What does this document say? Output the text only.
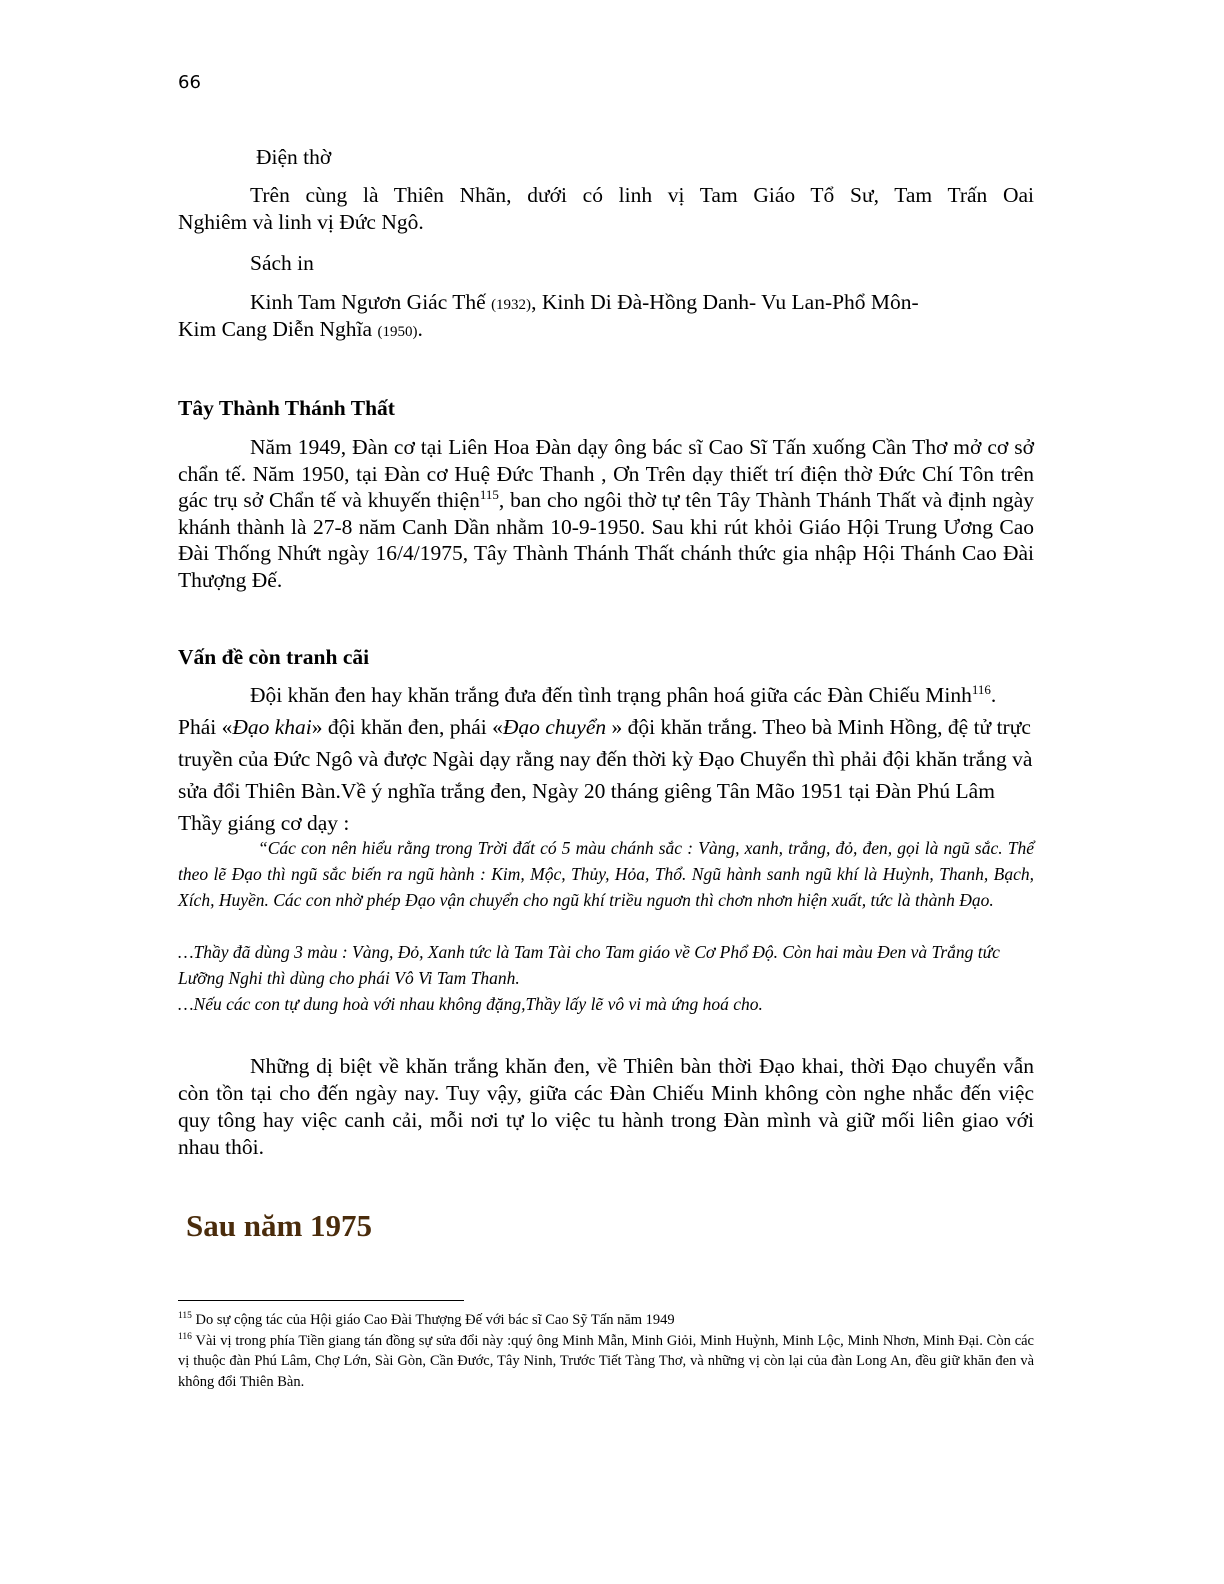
66
Điện thờ
Trên cùng là Thiên Nhãn, dưới có linh vị Tam Giáo Tổ Sư, Tam Trấn Oai
Nghiêm và linh vị Đức Ngô.
Sách in
Kinh Tam Ngươn Giác Thế (1932), Kinh Di Đà-Hồng Danh- Vu Lan-Phổ Môn-
Kim Cang Diễn Nghĩa (1950).
Tây Thành Thánh Thất
Năm 1949, Đàn cơ tại Liên Hoa Đàn dạy ông bác sĩ Cao Sĩ Tấn xuống Cần Thơ mở cơ sở chẩn tế. Năm 1950, tại Đàn cơ Huệ Đức Thanh , Ơn Trên dạy thiết trí điện thờ Đức Chí Tôn trên gác trụ sở Chẩn tế và khuyến thiện$^{115}$, ban cho ngôi thờ tự tên Tây Thành Thánh Thất và định ngày khánh thành là 27-8 năm Canh Dần nhằm 10-9-1950. Sau khi rút khỏi Giáo Hội Trung Ương Cao Đài Thống Nhứt ngày 16/4/1975, Tây Thành Thánh Thất chánh thức gia nhập Hội Thánh Cao Đài Thượng Đế.
Vấn đề còn tranh cãi
Đội khăn đen hay khăn trắng đưa đến tình trạng phân hoá giữa các Đàn Chiếu Minh$^{116}$. Phái «Đạo khai» đội khăn đen, phái «Đạo chuyển » đội khăn trắng. Theo bà Minh Hồng, đệ tử trực truyền của Đức Ngô và được Ngài dạy rằng nay đến thời kỳ Đạo Chuyển thì phải đội khăn trắng và sửa đổi Thiên Bàn.Về ý nghĩa trắng đen, Ngày 20 tháng giêng Tân Mão 1951 tại Đàn Phú Lâm Thầy giáng cơ dạy :
“Các con nên hiểu rằng trong Trời đất có 5 màu chánh sắc : Vàng, xanh, trắng, đỏ, đen, gọi là ngũ sắc. Thể theo lẽ Đạo thì ngũ sắc biến ra ngũ hành : Kim, Mộc, Thủy, Hỏa, Thổ. Ngũ hành sanh ngũ khí là Huỳnh, Thanh, Bạch, Xích, Huyền. Các con nhờ phép Đạo vận chuyển cho ngũ khí triều nguơn thì chơn nhơn hiện xuất, tức là thành Đạo.
…Thầy đã dùng 3 màu : Vàng, Đỏ, Xanh tức là Tam Tài cho Tam giáo về Cơ Phổ Độ. Còn hai màu Đen và Trắng tức Lưỡng Nghi thì dùng cho phái Vô Vi Tam Thanh.
…Nếu các con tự dung hoà với nhau không đặng,Thầy lấy lẽ vô vi mà ứng hoá cho.
Những dị biệt về khăn trắng khăn đen, về Thiên bàn thời Đạo khai, thời Đạo chuyển vẫn còn tồn tại cho đến ngày nay. Tuy vậy, giữa các Đàn Chiếu Minh không còn nghe nhắc đến việc quy tông hay việc canh cải, mỗi nơi tự lo việc tu hành trong Đàn mình và giữ mối liên giao với nhau thôi.
Sau năm 1975

$^{115}$ Do sự cộng tác của Hội giáo Cao Đài Thượng Đế với bác sĩ Cao Sỹ Tấn năm 1949

$^{116}$ Vài vị trong phía Tiền giang tán đồng sự sửa đổi này :quý ông Minh Mẫn, Minh Giỏi, Minh Huỳnh, Minh Lộc, Minh Nhơn, Minh Đại. Còn các vị thuộc đàn Phú Lâm, Chợ Lớn, Sài Gòn, Cần Đước, Tây Ninh, Trước Tiết Tàng Thơ, và những vị còn lại của đàn Long An, đều giữ khăn đen và không đổi Thiên Bàn.
